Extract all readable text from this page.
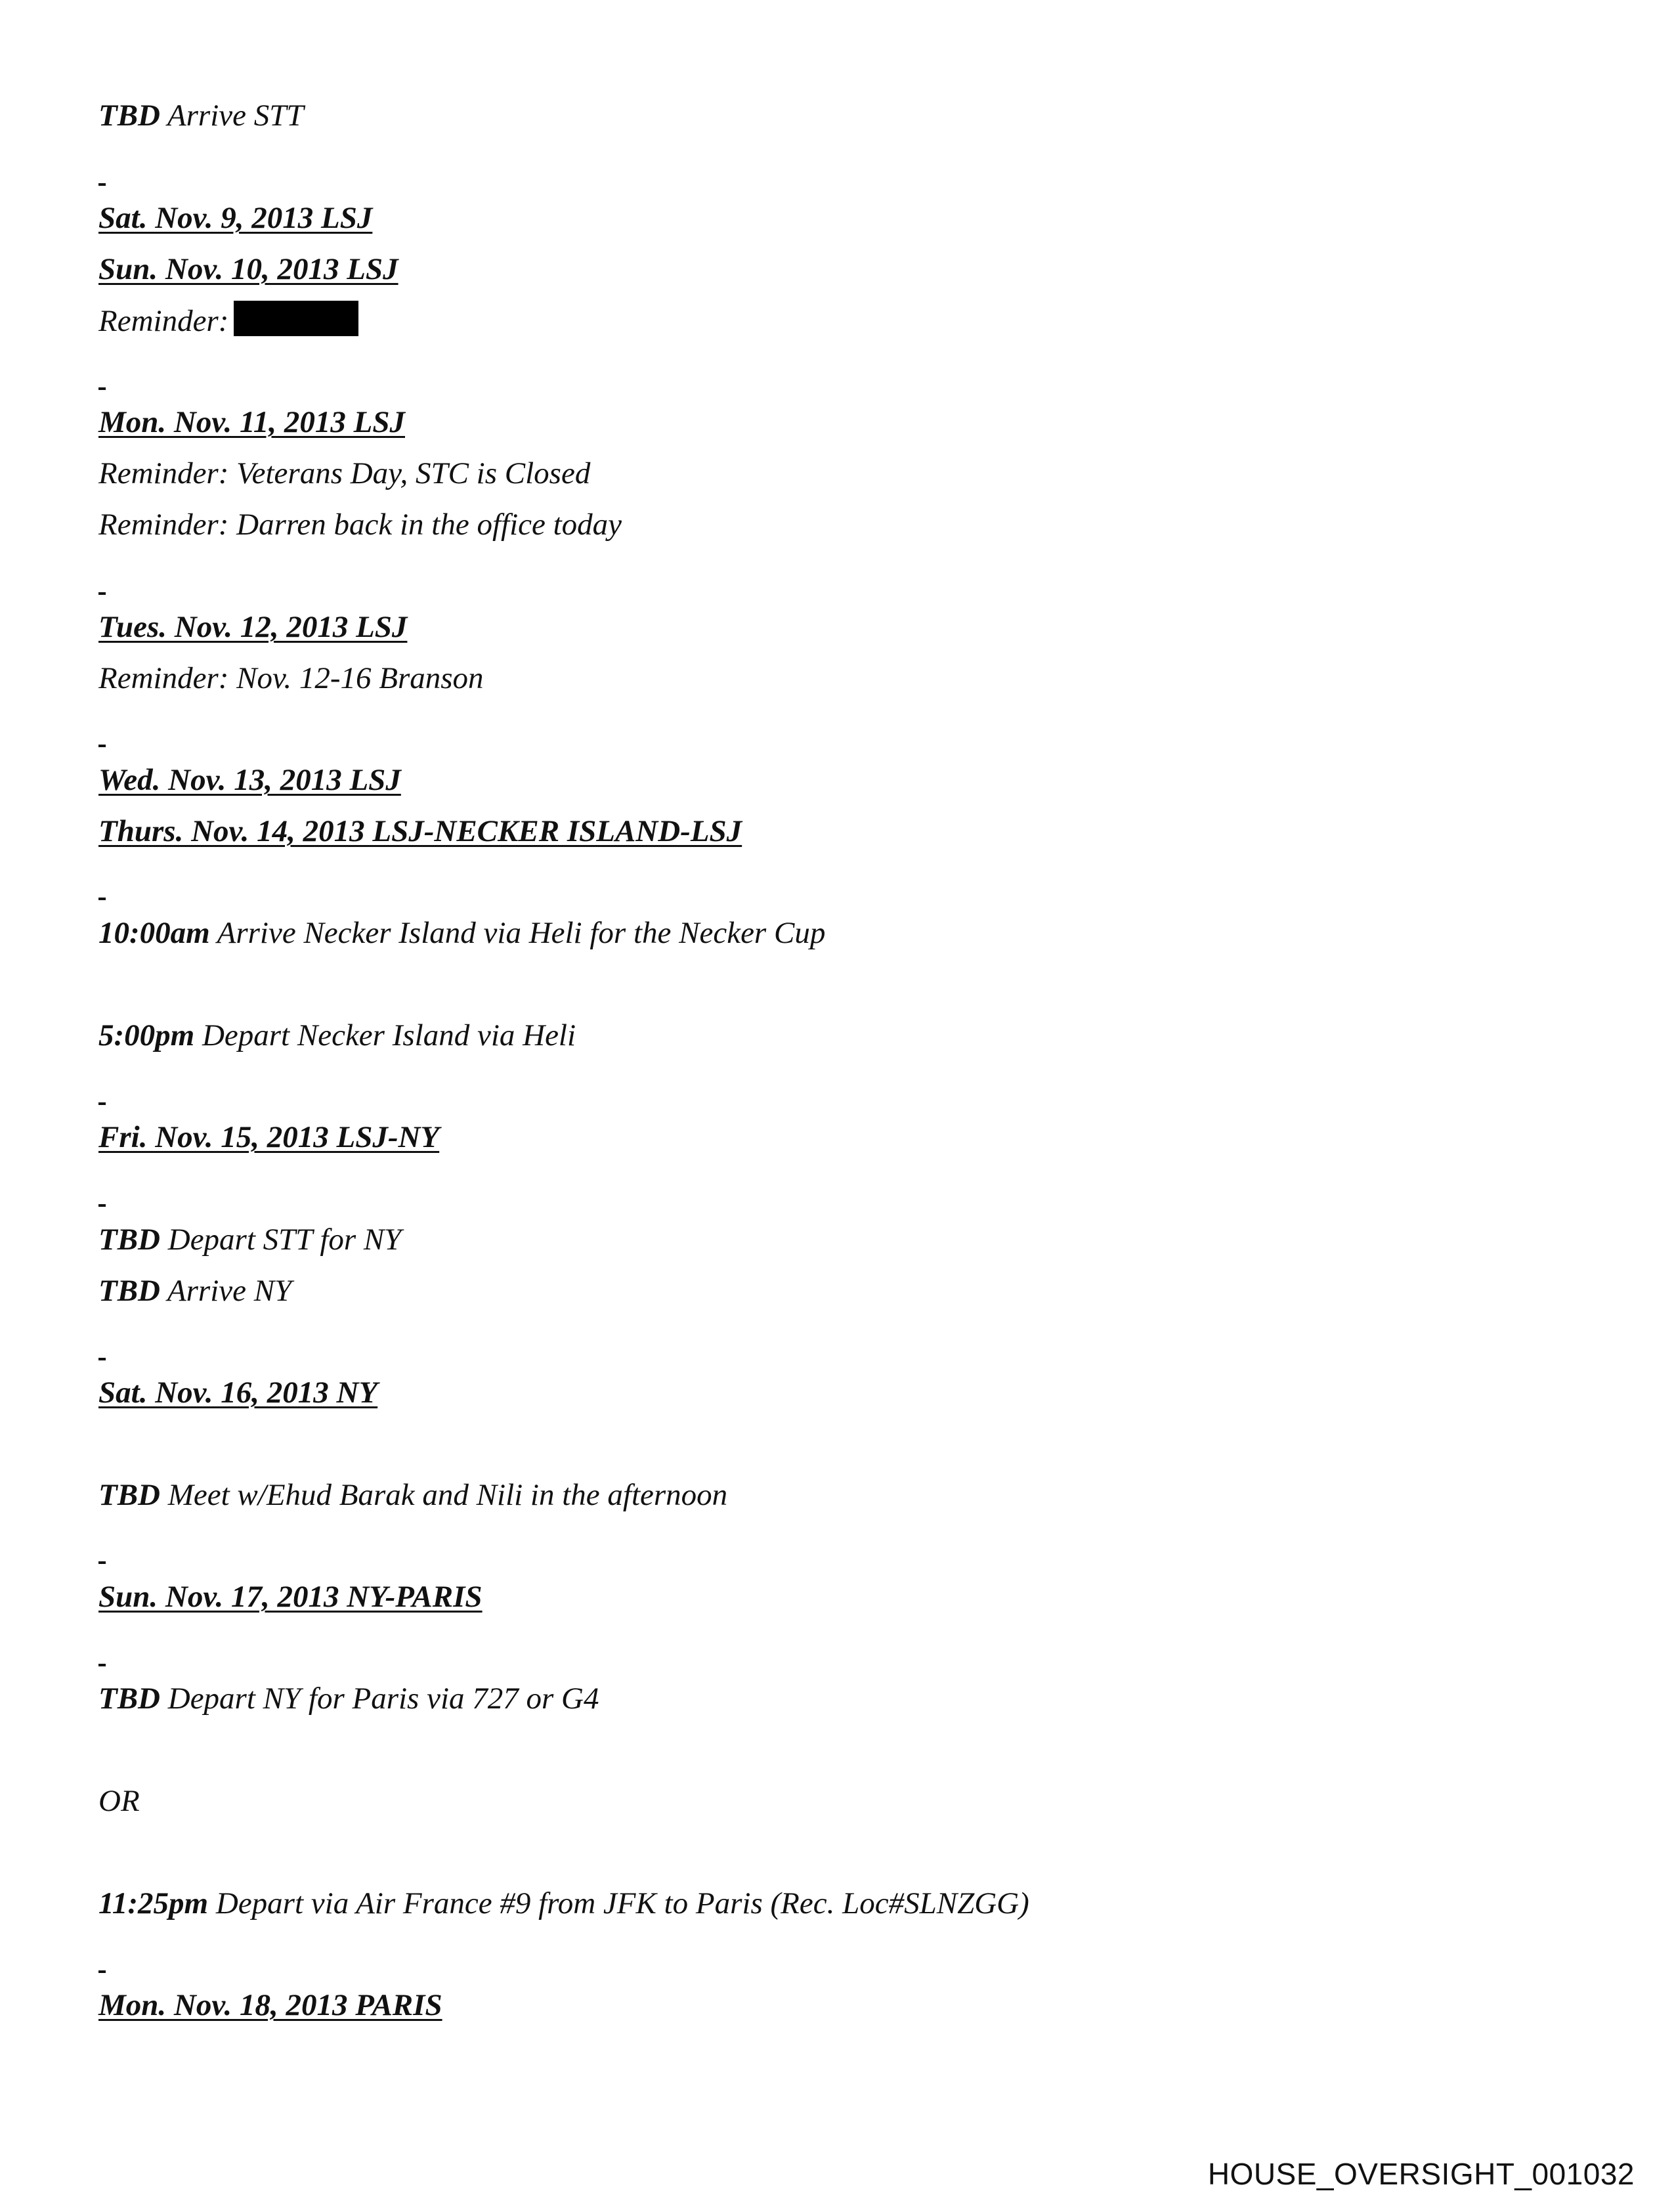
TBD Arrive STT
Sat. Nov. 9, 2013 LSJ
Sun. Nov. 10, 2013 LSJ
Reminder:
Mon. Nov. 11, 2013 LSJ
Reminder: Veterans Day, STC is Closed
Reminder: Darren back in the office today
Tues. Nov. 12, 2013 LSJ
Reminder: Nov. 12-16 Branson
Wed. Nov. 13, 2013 LSJ
Thurs. Nov. 14, 2013 LSJ-NECKER ISLAND-LSJ
10:00am Arrive Necker Island via Heli for the Necker Cup
5:00pm Depart Necker Island via Heli
Fri. Nov. 15, 2013 LSJ-NY
TBD Depart STT for NY
TBD Arrive NY
Sat. Nov. 16, 2013 NY
TBD Meet w/Ehud Barak and Nili in the afternoon
Sun. Nov. 17, 2013 NY-PARIS
TBD Depart NY for Paris via 727 or G4
OR
11:25pm Depart via Air France #9 from JFK to Paris (Rec. Loc#SLNZGG)
Mon. Nov. 18, 2013 PARIS
HOUSE_OVERSIGHT_001032
